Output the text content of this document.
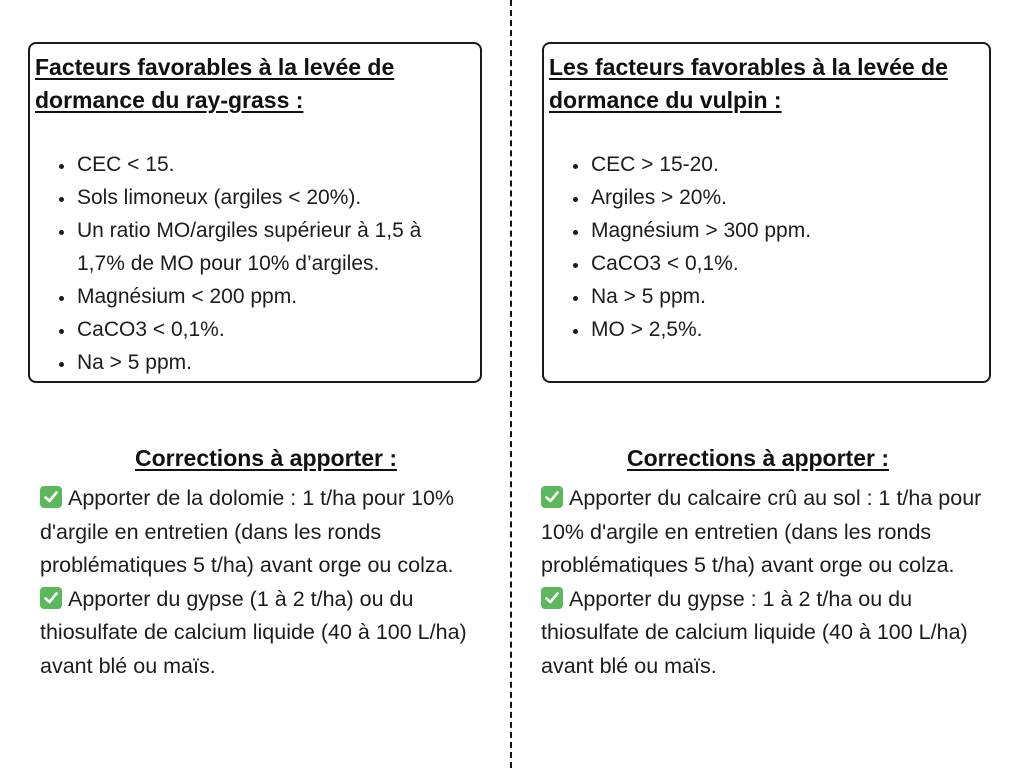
Facteurs favorables à la levée de
dormance du ray-grass :
• CEC < 15.
• Sols limoneux (argiles < 20%).
• Un ratio MO/argiles supérieur à 1,5 à 1,7% de MO pour 10% d’argiles.
• Magnésium < 200 ppm.
• CaCO3 < 0,1%.
• Na > 5 ppm.
Les facteurs favorables à la levée de
dormance du vulpin :
• CEC > 15-20.
• Argiles > 20%.
• Magnésium > 300 ppm.
• CaCO3 < 0,1%.
• Na > 5 ppm.
• MO > 2,5%.
Corrections à apporter :

Apporter de la dolomie : 1 t/ha pour 10% d'argile en entretien (dans les ronds problématiques 5 t/ha) avant orge ou colza.

Apporter du gypse (1 à 2 t/ha) ou du thiosulfate de calcium liquide (40 à 100 L/ha) avant blé ou maïs.

Corrections à apporter :

Apporter du calcaire crû au sol : 1 t/ha pour 10% d'argile en entretien (dans les ronds problématiques 5 t/ha) avant orge ou colza.

Apporter du gypse : 1 à 2 t/ha ou du thiosulfate de calcium liquide (40 à 100 L/ha) avant blé ou maïs.
